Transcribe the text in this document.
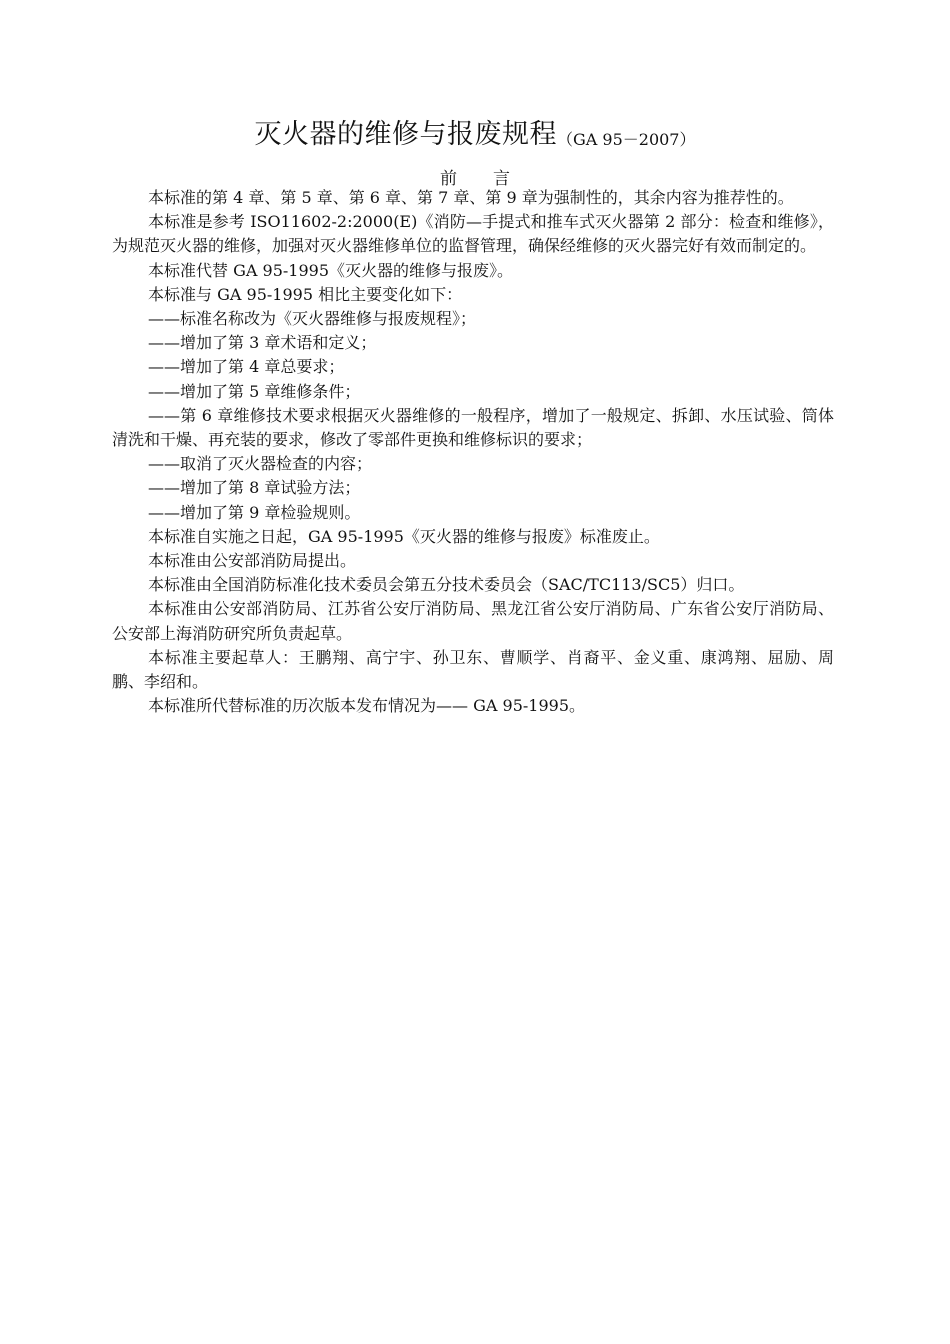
灭火器的维修与报废规程（GA 95－2007）
前言

本标准的第 4 章、第 5 章、第 6 章、第 7 章、第 9 章为强制性的，其余内容为推荐性的。

本标准是参考 ISO11602-2:2000(E)《消防—手提式和推车式灭火器第 2 部分：检查和维修》，为规范灭火器的维修，加强对灭火器维修单位的监督管理，确保经维修的灭火器完好有效而制定的。

本标准代替 GA 95-1995《灭火器的维修与报废》。

本标准与 GA 95-1995 相比主要变化如下：

——标准名称改为《灭火器维修与报废规程》；

——增加了第 3 章术语和定义；

——增加了第 4 章总要求；

——增加了第 5 章维修条件；

——第 6 章维修技术要求根据灭火器维修的一般程序，增加了一般规定、拆卸、水压试验、筒体清洗和干燥、再充装的要求，修改了零部件更换和维修标识的要求；

——取消了灭火器检查的内容；

——增加了第 8 章试验方法；

——增加了第 9 章检验规则。

本标准自实施之日起，GA 95-1995《灭火器的维修与报废》标准废止。

本标准由公安部消防局提出。

本标准由全国消防标准化技术委员会第五分技术委员会（SAC/TC113/SC5）归口。

本标准由公安部消防局、江苏省公安厅消防局、黑龙江省公安厅消防局、广东省公安厅消防局、公安部上海消防研究所负责起草。

本标准主要起草人：王鹏翔、高宁宇、孙卫东、曹顺学、肖裔平、金义重、康鸿翔、屈励、周鹏、李绍和。

本标准所代替标准的历次版本发布情况为—— GA 95-1995。
